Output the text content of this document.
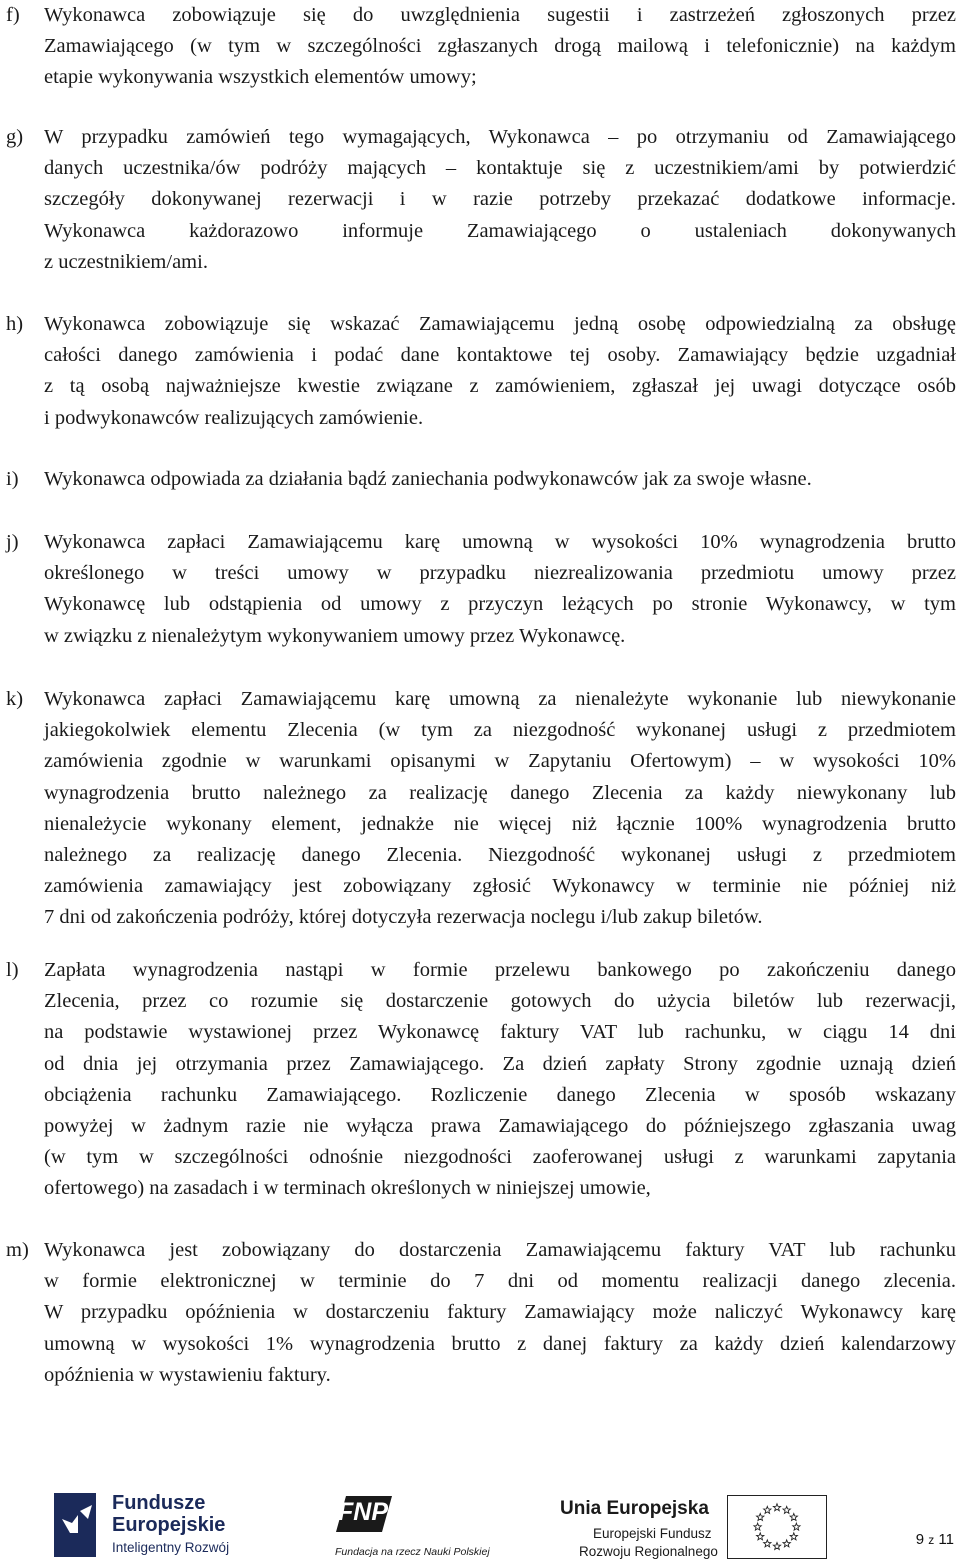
f) Wykonawca zobowiązuje się do uwzględnienia sugestii i zastrzeżeń zgłoszonych przez
Zamawiającego (w tym w szczególności zgłaszanych drogą mailową i telefonicznie) na każdym
etapie wykonywania wszystkich elementów umowy;
g) W przypadku zamówień tego wymagających, Wykonawca – po otrzymaniu od Zamawiającego
danych uczestnika/ów podróży mających – kontaktuje się z uczestnikiem/ami by potwierdzić
szczegóły dokonywanej rezerwacji i w razie potrzeby przekazać dodatkowe informacje.
Wykonawca każdorazowo informuje Zamawiającego o ustaleniach dokonywanych
z uczestnikiem/ami.
h) Wykonawca zobowiązuje się wskazać Zamawiającemu jedną osobę odpowiedzialną za obsługę
całości danego zamówienia i podać dane kontaktowe tej osoby. Zamawiający będzie uzgadniał
z tą osobą najważniejsze kwestie związane z zamówieniem, zgłaszał jej uwagi dotyczące osób
i podwykonawców realizujących zamówienie.
i) Wykonawca odpowiada za działania bądź zaniechania podwykonawców jak za swoje własne.
j) Wykonawca zapłaci Zamawiającemu karę umowną w wysokości 10% wynagrodzenia brutto
określonego w treści umowy w przypadku niezrealizowania przedmiotu umowy przez
Wykonawcę lub odstąpienia od umowy z przyczyn leżących po stronie Wykonawcy, w tym
w związku z nienależytym wykonywaniem umowy przez Wykonawcę.
k) Wykonawca zapłaci Zamawiającemu karę umowną za nienależyte wykonanie lub niewykonanie
jakiegokolwiek elementu Zlecenia (w tym za niezgodność wykonanej usługi z przedmiotem
zamówienia zgodnie w warunkami opisanymi w Zapytaniu Ofertowym) – w wysokości 10%
wynagrodzenia brutto należnego za realizację danego Zlecenia za każdy niewykonany lub
nienależycie wykonany element, jednakże nie więcej niż łącznie 100% wynagrodzenia brutto
należnego za realizację danego Zlecenia. Niezgodność wykonanej usługi z przedmiotem
zamówienia zamawiający jest zobowiązany zgłosić Wykonawcy w terminie nie później niż
7 dni od zakończenia podróży, której dotyczyła rezerwacja noclegu i/lub zakup biletów.
l) Zapłata wynagrodzenia nastąpi w formie przelewu bankowego po zakończeniu danego
Zlecenia, przez co rozumie się dostarczenie gotowych do użycia biletów lub rezerwacji,
na podstawie wystawionej przez Wykonawcę faktury VAT lub rachunku, w ciągu 14 dni
od dnia jej otrzymania przez Zamawiającego. Za dzień zapłaty Strony zgodnie uznają dzień
obciążenia rachunku Zamawiającego. Rozliczenie danego Zlecenia w sposób wskazany
powyżej w żadnym razie nie wyłącza prawa Zamawiającego do późniejszego zgłaszania uwag
(w tym w szczególności odnośnie niezgodności zaoferowanej usługi z warunkami zapytania
ofertowego) na zasadach i w terminach określonych w niniejszej umowie,
m) Wykonawca jest zobowiązany do dostarczenia Zamawiającemu faktury VAT lub rachunku
w formie elektronicznej w terminie do 7 dni od momentu realizacji danego zlecenia.
W przypadku opóźnienia w dostarczeniu faktury Zamawiający może naliczyć Wykonawcy karę
umowną w wysokości 1% wynagrodzenia brutto z danej faktury za każdy dzień kalendarzowy
opóźnienia w wystawieniu faktury.
Fundusze
Europejskie
Inteligentny Rozwój
FNP
Fundacja na rzecz Nauki Polskiej
Unia Europejska
Europejski Fundusz
Rozwoju Regionalnego
9 z 11
